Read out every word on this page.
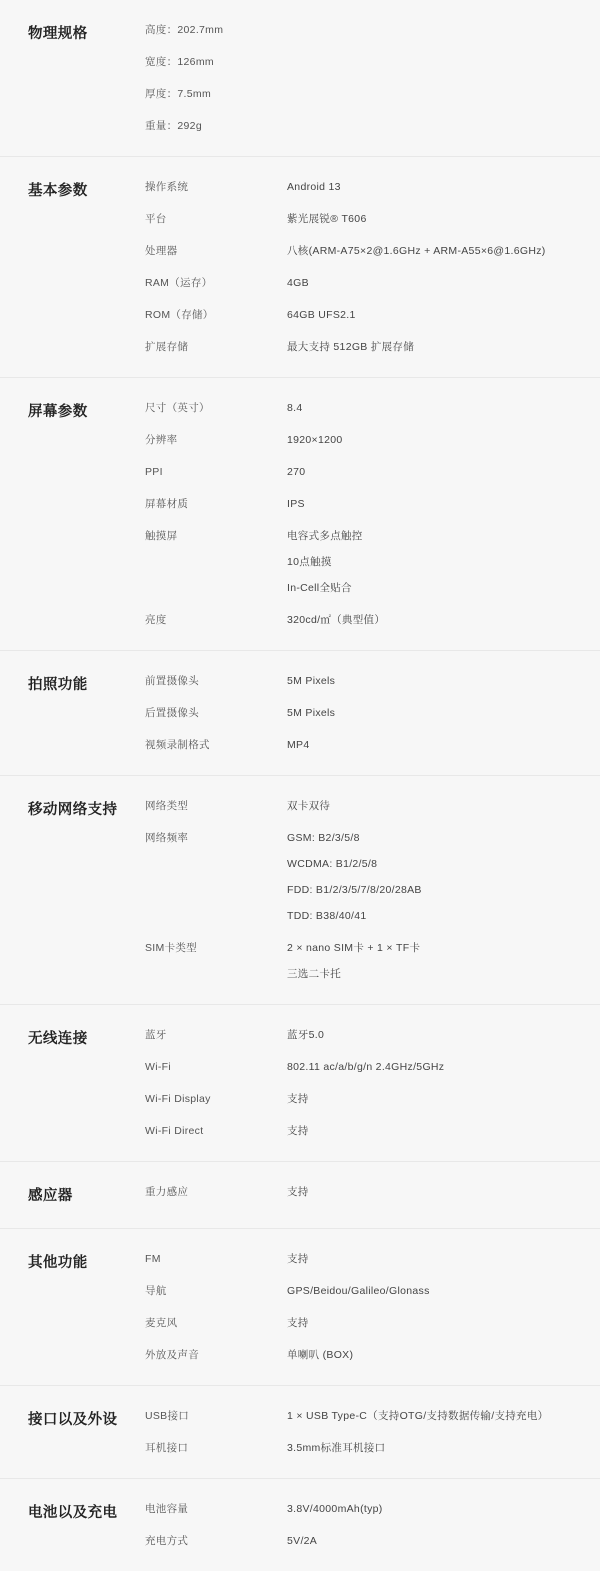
物理规格	高度：202.7mm
宽度：126mm
厚度：7.5mm
重量：292g
基本参数	操作系统	Android 13
平台	紫光展锐® T606
处理器	八核(ARM-A75×2@1.6GHz + ARM-A55×6@1.6GHz)
RAM（运存）	4GB
ROM（存储）	64GB UFS2.1
扩展存储	最大支持 512GB 扩展存储
屏幕参数	尺寸（英寸）	8.4
分辨率	1920×1200
PPI	270
屏幕材质	IPS
触摸屏	电容式多点触控
10点触摸
In-Cell全贴合
亮度	320cd/㎡（典型值）
拍照功能	前置摄像头	5M Pixels
后置摄像头	5M Pixels
视频录制格式	MP4
移动网络支持	网络类型	双卡双待
网络频率	GSM: B2/3/5/8
WCDMA: B1/2/5/8
FDD: B1/2/3/5/7/8/20/28AB
TDD: B38/40/41
SIM卡类型	2 × nano SIM卡 + 1 × TF卡
三选二卡托
无线连接	蓝牙	蓝牙5.0
Wi-Fi	802.11 ac/a/b/g/n 2.4GHz/5GHz
Wi-Fi Display	支持
Wi-Fi Direct	支持
感应器	重力感应	支持
其他功能	FM	支持
导航	GPS/Beidou/Galileo/Glonass
麦克风	支持
外放及声音	单喇叭 (BOX)
接口以及外设	USB接口	1 × USB Type-C（支持OTG/支持数据传输/支持充电）
耳机接口	3.5mm标准耳机接口
电池以及充电	电池容量	3.8V/4000mAh(typ)
充电方式	5V/2A
